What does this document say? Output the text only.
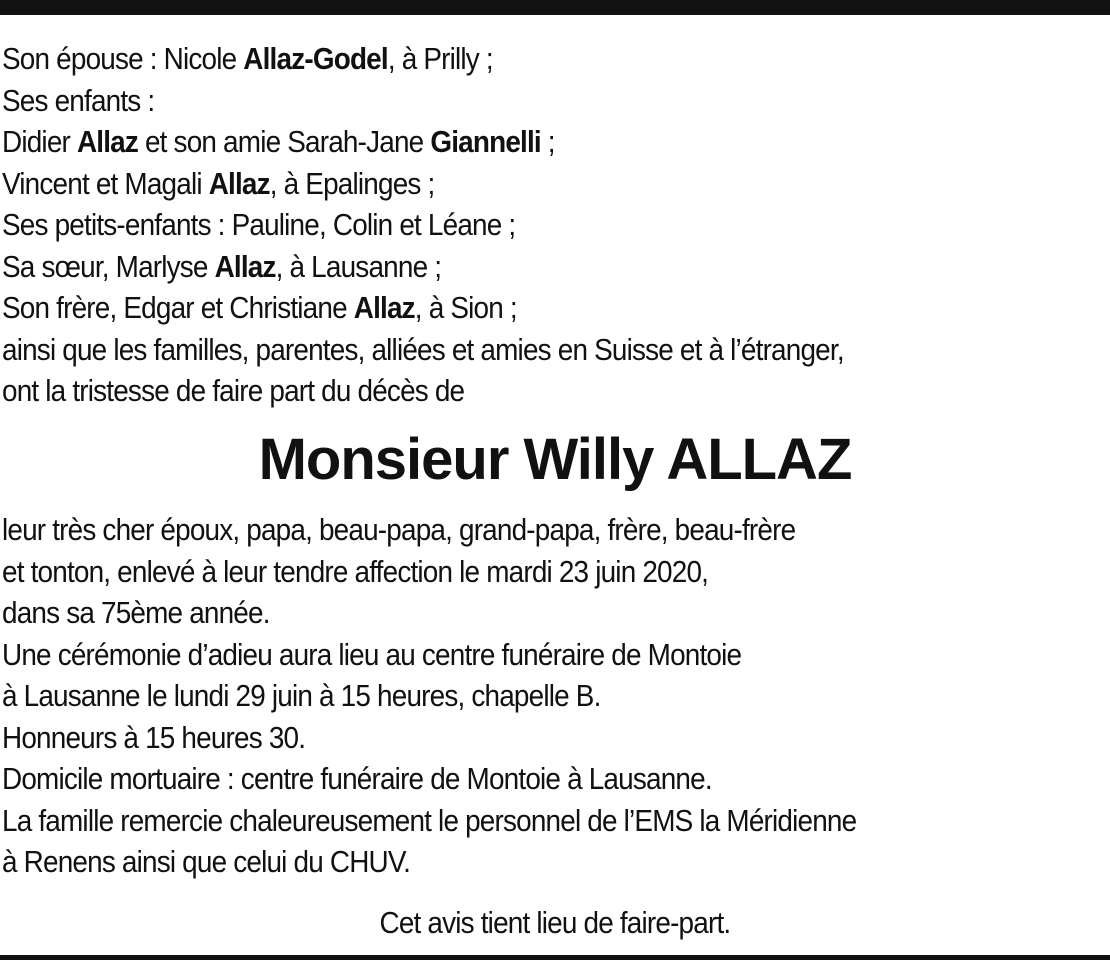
Son épouse : Nicole Allaz-Godel, à Prilly ;
Ses enfants :
Didier Allaz et son amie Sarah-Jane Giannelli ;
Vincent et Magali Allaz, à Epalinges ;
Ses petits-enfants : Pauline, Colin et Léane ;
Sa sœur, Marlyse Allaz, à Lausanne ;
Son frère, Edgar et Christiane Allaz, à Sion ;
ainsi que les familles, parentes, alliées et amies en Suisse et à l’étranger,
ont la tristesse de faire part du décès de
Monsieur Willy ALLAZ
leur très cher époux, papa, beau-papa, grand-papa, frère, beau-frère
et tonton, enlevé à leur tendre affection le mardi 23 juin 2020,
dans sa 75ème année.
Une cérémonie d’adieu aura lieu au centre funéraire de Montoie
à Lausanne le lundi 29 juin à 15 heures, chapelle B.
Honneurs à 15 heures 30.
Domicile mortuaire : centre funéraire de Montoie à Lausanne.
La famille remercie chaleureusement le personnel de l’EMS la Méridienne
à Renens ainsi que celui du CHUV.
Cet avis tient lieu de faire-part.
